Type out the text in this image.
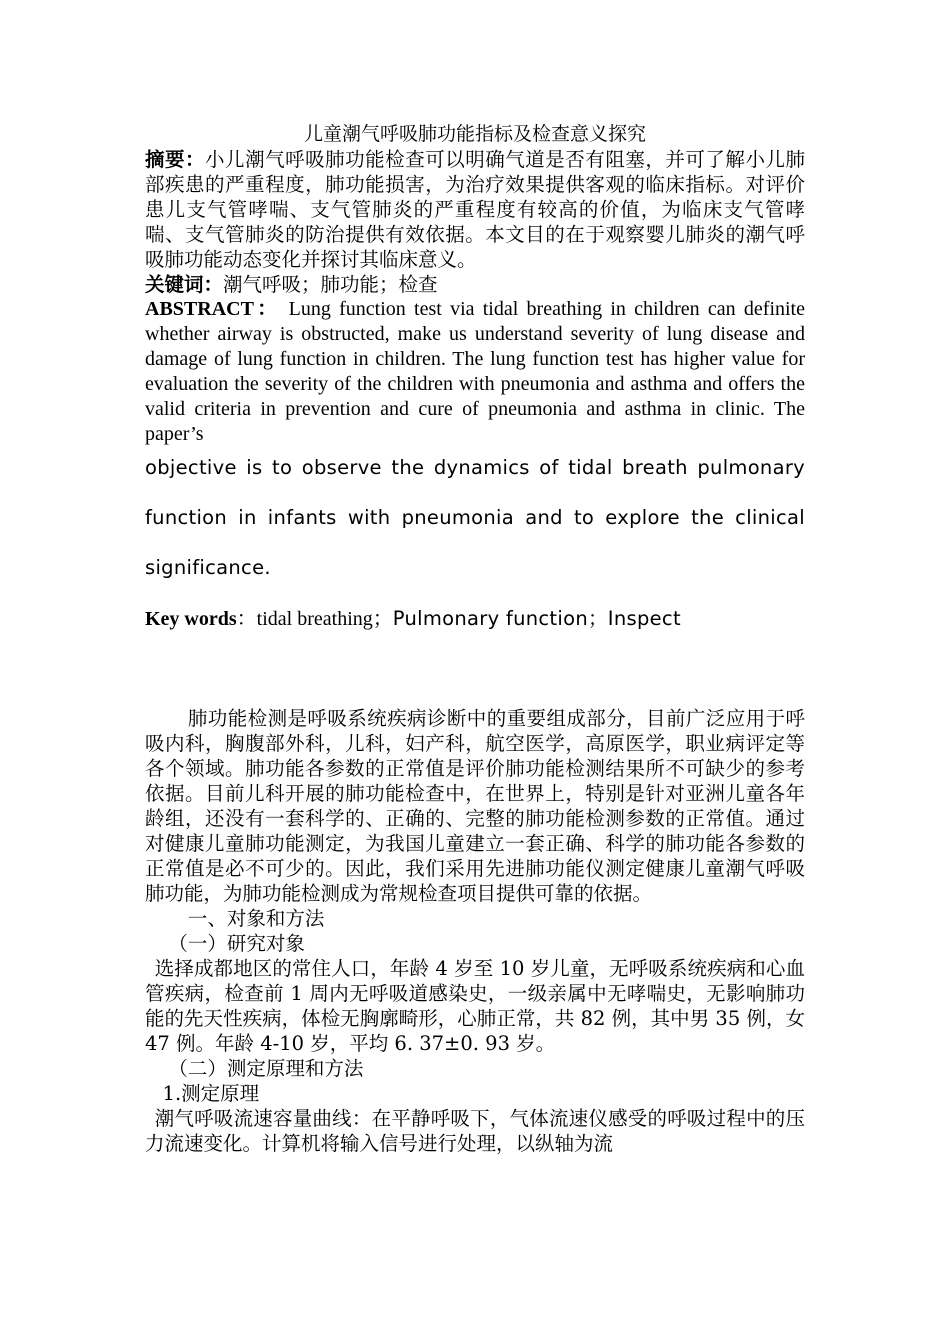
儿童潮气呼吸肺功能指标及检查意义探究

摘要：小儿潮气呼吸肺功能检查可以明确气道是否有阻塞，并可了解小儿肺部疾患的严重程度，肺功能损害，为治疗效果提供客观的临床指标。对评价患儿支气管哮喘、支气管肺炎的严重程度有较高的价值，为临床支气管哮喘、支气管肺炎的防治提供有效依据。本文目的在于观察婴儿肺炎的潮气呼吸肺功能动态变化并探讨其临床意义。

关键词：潮气呼吸；肺功能；检查

ABSTRACT： Lung function test via tidal breathing in children can definite whether airway is obstructed, make us understand severity of lung disease and damage of lung function in children. The lung function test has higher value for evaluation the severity of the children with pneumonia and asthma and offers the valid criteria in prevention and cure of pneumonia and asthma in clinic. The paper’s

objective is to observe the dynamics of tidal breath pulmonary function in infants with pneumonia and to explore the clinical significance.

Key words：tidal breathing；Pulmonary function；Inspect

肺功能检测是呼吸系统疾病诊断中的重要组成部分，目前广泛应用于呼吸内科，胸腹部外科，儿科，妇产科，航空医学，高原医学，职业病评定等各个领域。肺功能各参数的正常值是评价肺功能检测结果所不可缺少的参考依据。目前儿科开展的肺功能检查中，在世界上，特别是针对亚洲儿童各年龄组，还没有一套科学的、正确的、完整的肺功能检测参数的正常值。通过对健康儿童肺功能测定，为我国儿童建立一套正确、科学的肺功能各参数的正常值是必不可少的。因此，我们采用先进肺功能仪测定健康儿童潮气呼吸肺功能，为肺功能检测成为常规检查项目提供可靠的依据。

一、对象和方法

（一）研究对象

选择成都地区的常住人口，年龄 4 岁至 10 岁儿童，无呼吸系统疾病和心血管疾病，检查前 1 周内无呼吸道感染史，一级亲属中无哮喘史，无影响肺功能的先天性疾病，体检无胸廓畸形，心肺正常，共 82 例，其中男 35 例，女 47 例。年龄 4-10 岁，平均 6. 37±0. 93 岁。

（二）测定原理和方法

1.测定原理

潮气呼吸流速容量曲线：在平静呼吸下，气体流速仪感受的呼吸过程中的压力流速变化。计算机将输入信号进行处理，以纵轴为流
